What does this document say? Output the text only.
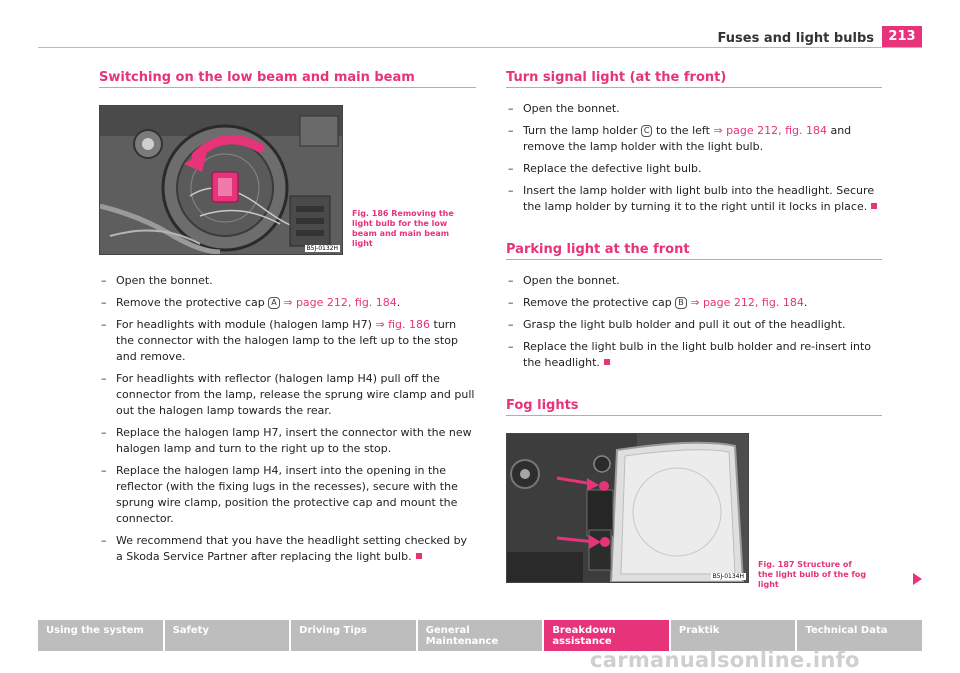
Fuses and light bulbs	213
Switching on the low beam and main beam
B5J-0132H
Fig. 186 Removing the light bulb for the low beam and main beam light
– Open the bonnet.
– Remove the protective cap A ⇒ page 212, fig. 184.
– For headlights with module (halogen lamp H7) ⇒ fig. 186 turn the connector with the halogen lamp to the left up to the stop and remove.
– For headlights with reflector (halogen lamp H4) pull off the connector from the lamp, release the sprung wire clamp and pull out the halogen lamp towards the rear.
– Replace the halogen lamp H7, insert the connector with the new halogen lamp and turn to the right up to the stop.
– Replace the halogen lamp H4, insert into the opening in the reflector (with the fixing lugs in the recesses), secure with the sprung wire clamp, position the protective cap and mount the connector.
– We recommend that you have the headlight setting checked by a Skoda Service Partner after replacing the light bulb.
Turn signal light (at the front)
– Open the bonnet.
– Turn the lamp holder C to the left ⇒ page 212, fig. 184 and remove the lamp holder with the light bulb.
– Replace the defective light bulb.
– Insert the lamp holder with light bulb into the headlight. Secure the lamp holder by turning it to the right until it locks in place.
Parking light at the front
– Open the bonnet.
– Remove the protective cap B ⇒ page 212, fig. 184.
– Grasp the light bulb holder and pull it out of the headlight.
– Replace the light bulb in the light bulb holder and re-insert into the headlight.
Fog lights
B5J-0134H
Fig. 187 Structure of the light bulb of the fog light
Using the system	Safety	Driving Tips	General Maintenance
Breakdown assistance
Praktik	Technical Data
carmanualsonline.info
